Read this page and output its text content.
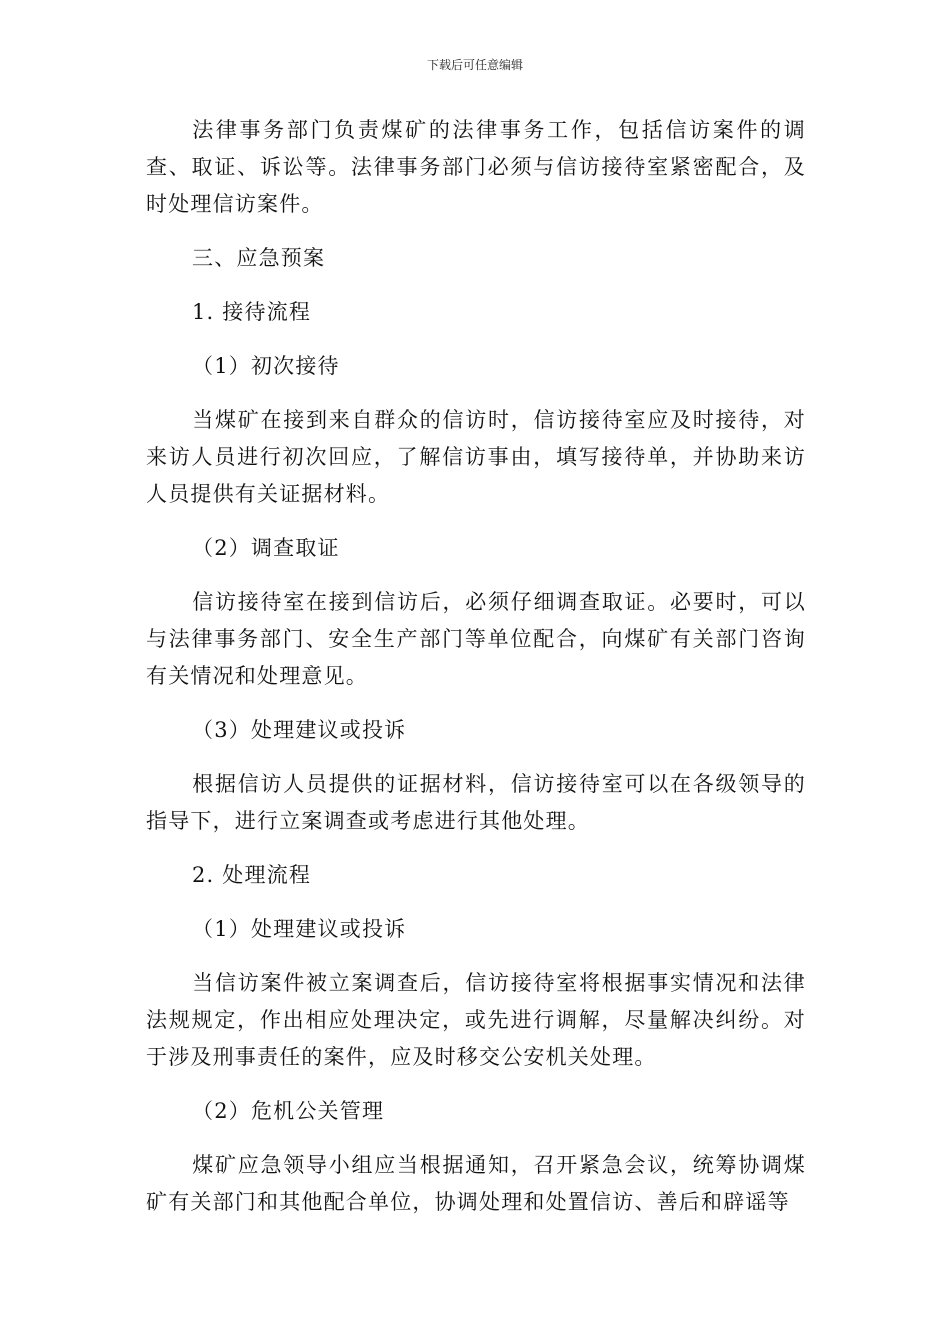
下载后可任意编辑

法律事务部门负责煤矿的法律事务工作，包括信访案件的调查、取证、诉讼等。法律事务部门必须与信访接待室紧密配合，及时处理信访案件。

三、应急预案
1. 接待流程
（1）初次接待

当煤矿在接到来自群众的信访时，信访接待室应及时接待，对来访人员进行初次回应，了解信访事由，填写接待单，并协助来访人员提供有关证据材料。

（2）调查取证

信访接待室在接到信访后，必须仔细调查取证。必要时，可以与法律事务部门、安全生产部门等单位配合，向煤矿有关部门咨询有关情况和处理意见。

（3）处理建议或投诉

根据信访人员提供的证据材料，信访接待室可以在各级领导的指导下，进行立案调查或考虑进行其他处理。

2. 处理流程
（1）处理建议或投诉

当信访案件被立案调查后，信访接待室将根据事实情况和法律法规规定，作出相应处理决定，或先进行调解，尽量解决纠纷。对于涉及刑事责任的案件，应及时移交公安机关处理。

（2）危机公关管理

煤矿应急领导小组应当根据通知，召开紧急会议，统筹协调煤矿有关部门和其他配合单位，协调处理和处置信访、善后和辟谣等
